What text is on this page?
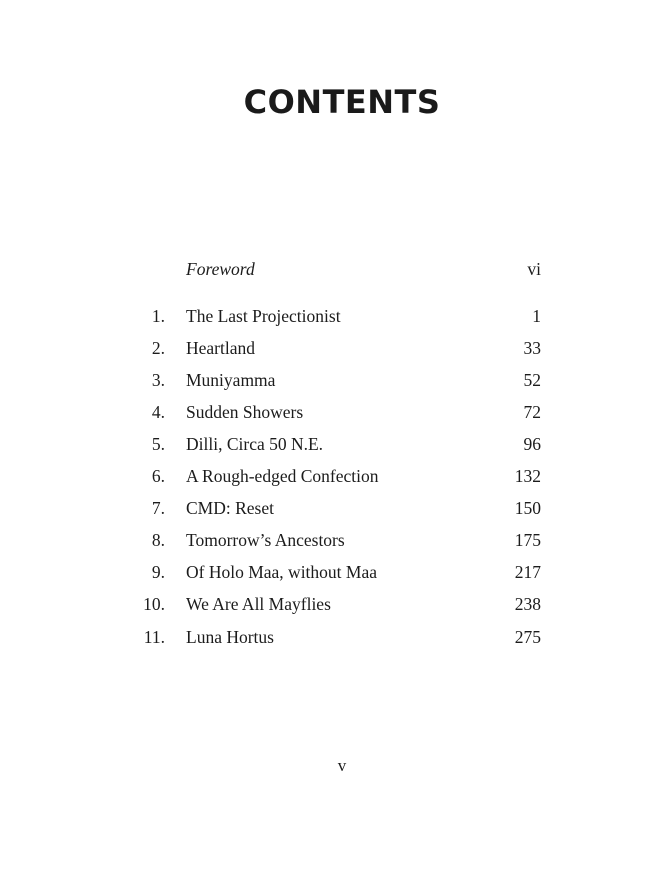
CONTENTS
Foreword	vi
1. The Last Projectionist	1
2. Heartland	33
3. Muniyamma	52
4. Sudden Showers	72
5. Dilli, Circa 50 N.E.	96
6. A Rough-edged Confection	132
7. CMD: Reset	150
8. Tomorrow’s Ancestors	175
9. Of Holo Maa, without Maa	217
10. We Are All Mayflies	238
11. Luna Hortus	275
v
